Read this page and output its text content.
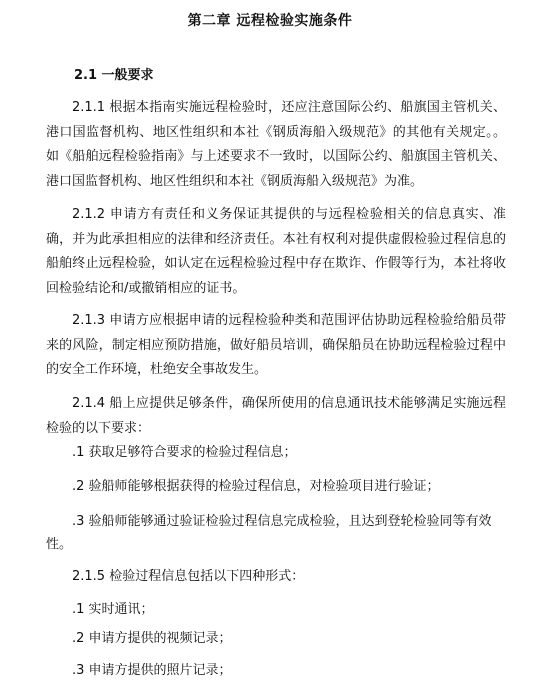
第二章 远程检验实施条件
2.1 一般要求
2.1.1 根据本指南实施远程检验时，还应注意国际公约、船旗国主管机关、港口国监督机构、地区性组织和本社《钢质海船入级规范》的其他有关规定。。如《船舶远程检验指南》与上述要求不一致时，以国际公约、船旗国主管机关、港口国监督机构、地区性组织和本社《钢质海船入级规范》为准。
2.1.2 申请方有责任和义务保证其提供的与远程检验相关的信息真实、准确，并为此承担相应的法律和经济责任。本社有权利对提供虚假检验过程信息的船舶终止远程检验，如认定在远程检验过程中存在欺诈、作假等行为，本社将收回检验结论和/或撤销相应的证书。
2.1.3 申请方应根据申请的远程检验种类和范围评估协助远程检验给船员带来的风险，制定相应预防措施，做好船员培训，确保船员在协助远程检验过程中的安全工作环境，杜绝安全事故发生。
2.1.4 船上应提供足够条件，确保所使用的信息通讯技术能够满足实施远程检验的以下要求：
.1 获取足够符合要求的检验过程信息；
.2 验船师能够根据获得的检验过程信息，对检验项目进行验证；
.3 验船师能够通过验证检验过程信息完成检验，且达到登轮检验同等有效
性。
2.1.5 检验过程信息包括以下四种形式：
.1 实时通讯；
.2 申请方提供的视频记录；
.3 申请方提供的照片记录；
